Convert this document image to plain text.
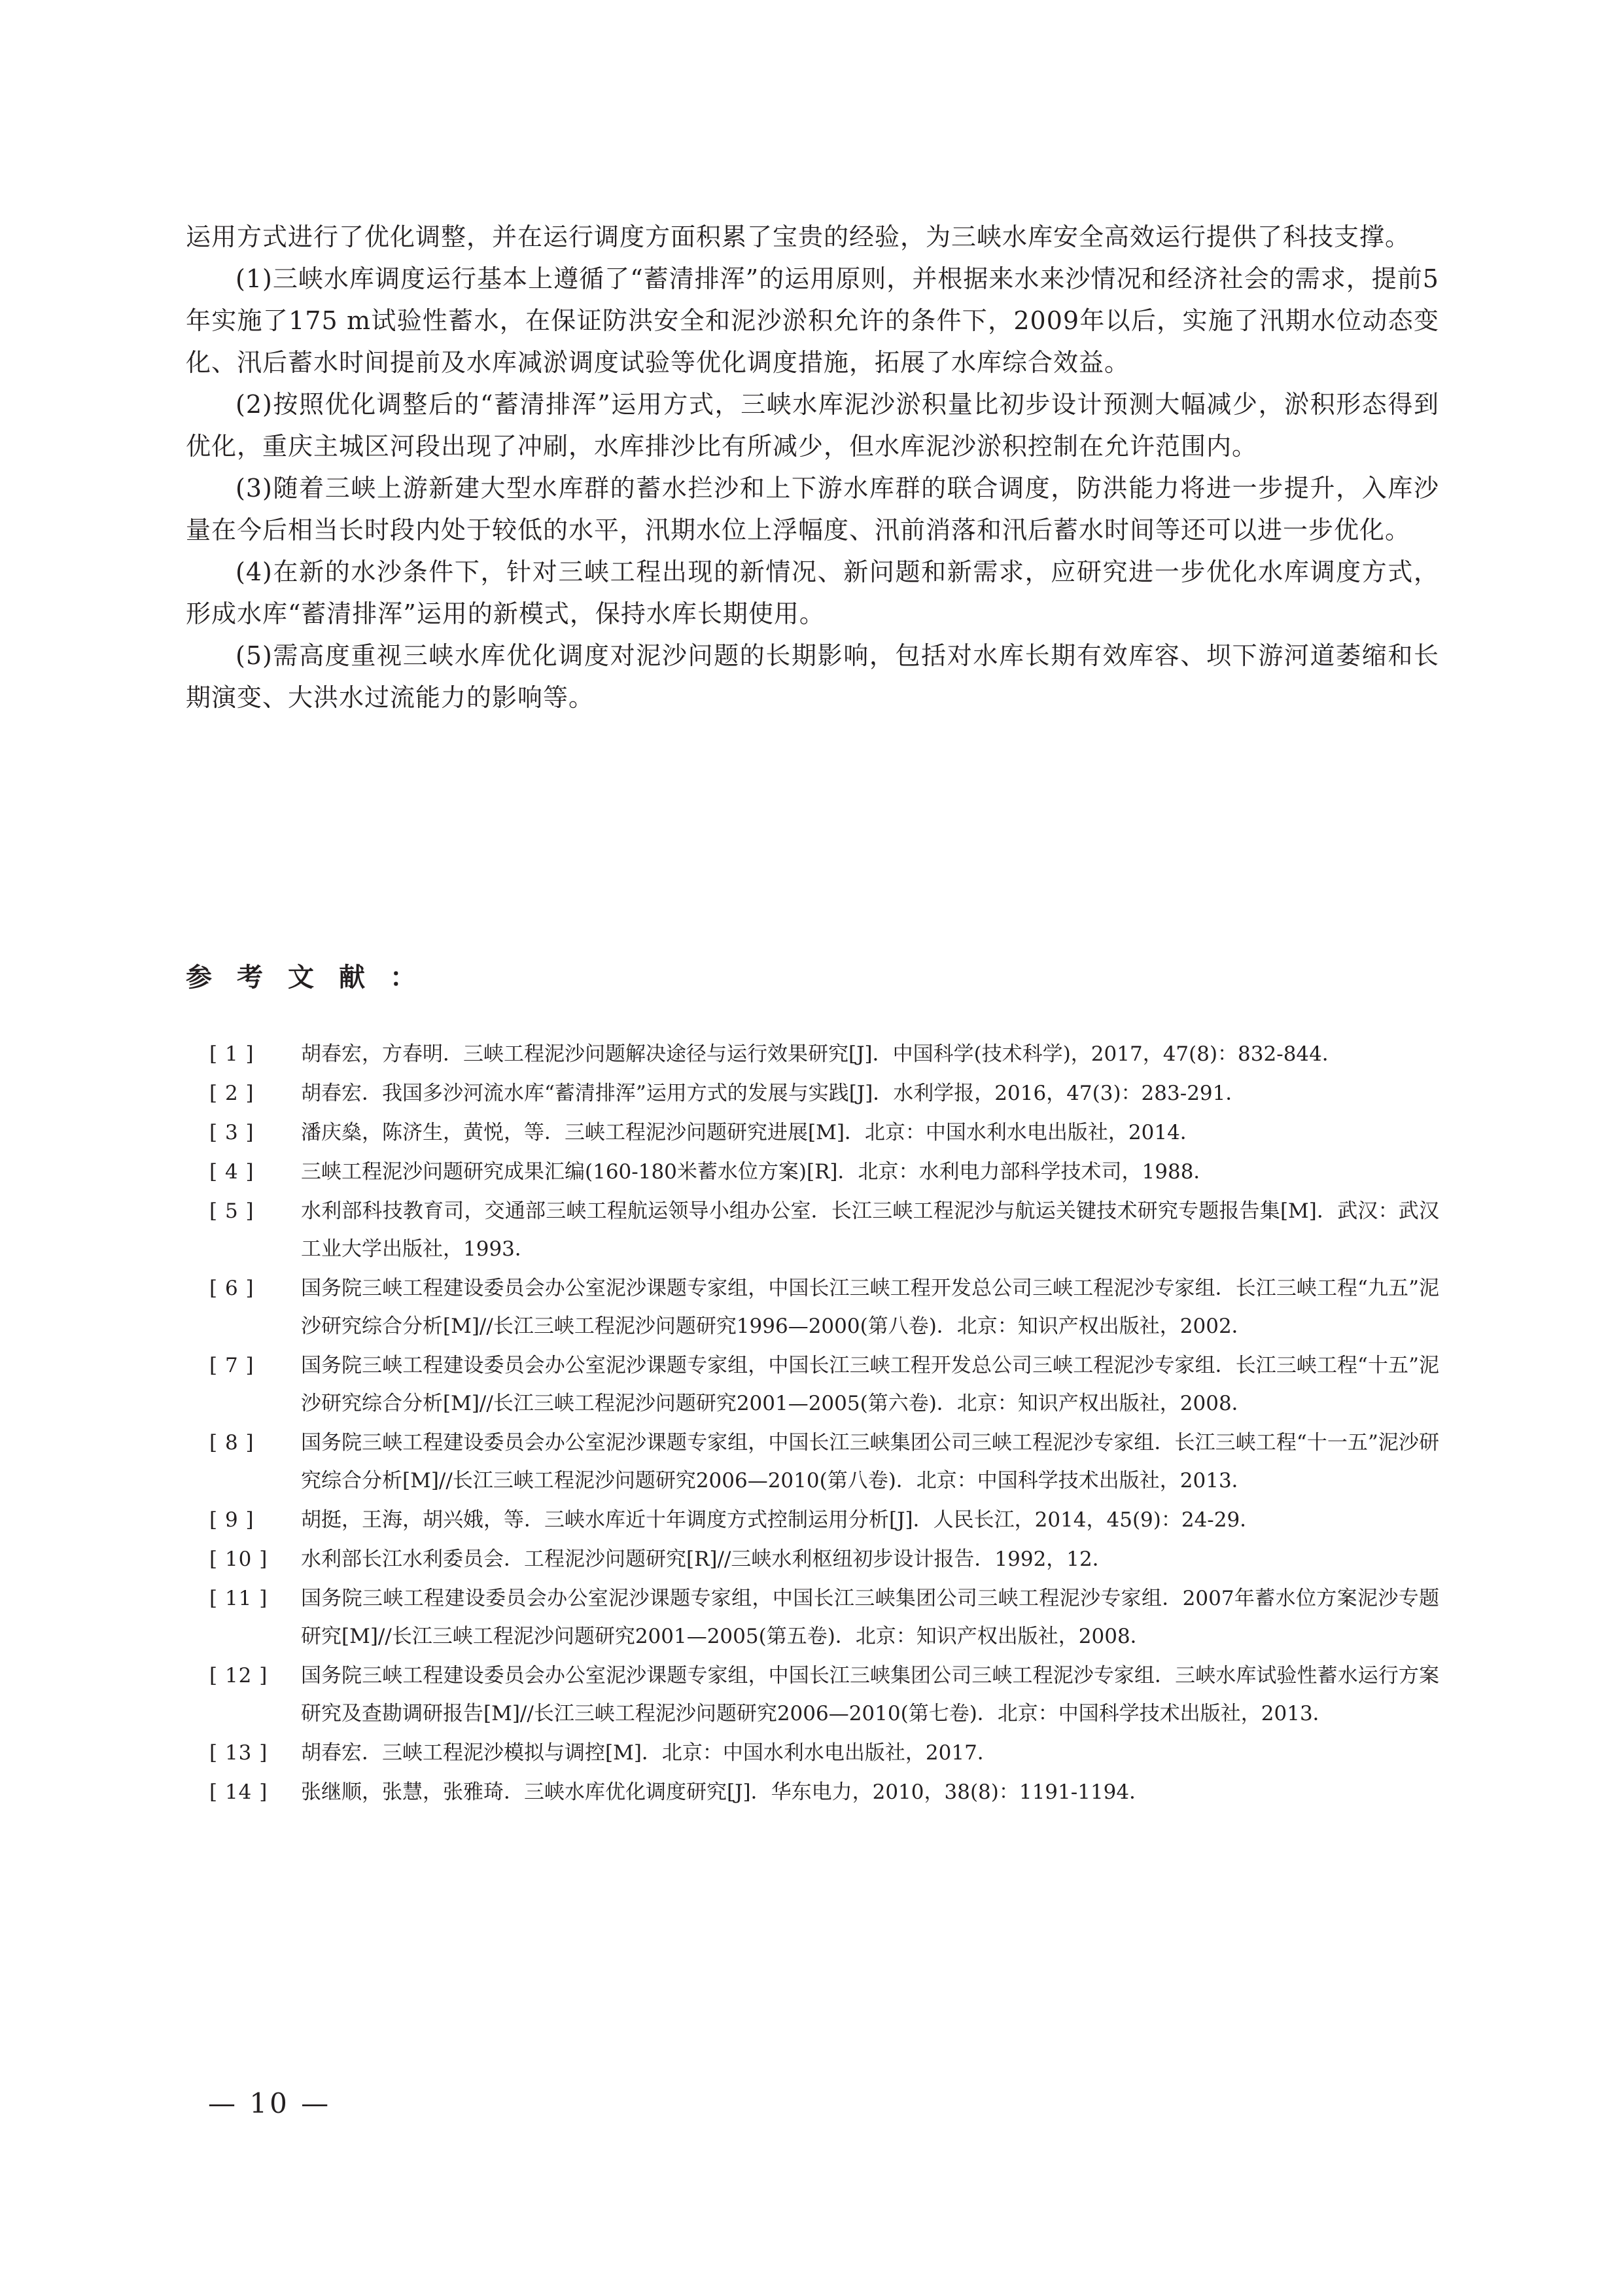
运用方式进行了优化调整，并在运行调度方面积累了宝贵的经验，为三峡水库安全高效运行提供了科技支撑。

(1)三峡水库调度运行基本上遵循了“蓄清排浑”的运用原则，并根据来水来沙情况和经济社会的需求，提前5年实施了175 m试验性蓄水，在保证防洪安全和泥沙淤积允许的条件下，2009年以后，实施了汛期水位动态变化、汛后蓄水时间提前及水库减淤调度试验等优化调度措施，拓展了水库综合效益。

(2)按照优化调整后的“蓄清排浑”运用方式，三峡水库泥沙淤积量比初步设计预测大幅减少，淤积形态得到优化，重庆主城区河段出现了冲刷，水库排沙比有所减少，但水库泥沙淤积控制在允许范围内。

(3)随着三峡上游新建大型水库群的蓄水拦沙和上下游水库群的联合调度，防洪能力将进一步提升，入库沙量在今后相当长时段内处于较低的水平，汛期水位上浮幅度、汛前消落和汛后蓄水时间等还可以进一步优化。

(4)在新的水沙条件下，针对三峡工程出现的新情况、新问题和新需求，应研究进一步优化水库调度方式，形成水库“蓄清排浑”运用的新模式，保持水库长期使用。

(5)需高度重视三峡水库优化调度对泥沙问题的长期影响，包括对水库长期有效库容、坝下游河道萎缩和长期演变、大洪水过流能力的影响等。

参考文献：
[ 1 ]	胡春宏，方春明．三峡工程泥沙问题解决途径与运行效果研究[J]．中国科学(技术科学)，2017，47(8)：832-844．
[ 2 ]	胡春宏．我国多沙河流水库“蓄清排浑”运用方式的发展与实践[J]．水利学报，2016，47(3)：283-291．
[ 3 ]	潘庆燊，陈济生，黄悦，等．三峡工程泥沙问题研究进展[M]．北京：中国水利水电出版社，2014．
[ 4 ]	三峡工程泥沙问题研究成果汇编(160-180米蓄水位方案)[R]．北京：水利电力部科学技术司，1988．
[ 5 ]	水利部科技教育司，交通部三峡工程航运领导小组办公室．长江三峡工程泥沙与航运关键技术研究专题报告集[M]．武汉：武汉工业大学出版社，1993．
[ 6 ]	国务院三峡工程建设委员会办公室泥沙课题专家组，中国长江三峡工程开发总公司三峡工程泥沙专家组．长江三峡工程“九五”泥沙研究综合分析[M]//长江三峡工程泥沙问题研究1996—2000(第八卷)．北京：知识产权出版社，2002．
[ 7 ]	国务院三峡工程建设委员会办公室泥沙课题专家组，中国长江三峡工程开发总公司三峡工程泥沙专家组．长江三峡工程“十五”泥沙研究综合分析[M]//长江三峡工程泥沙问题研究2001—2005(第六卷)．北京：知识产权出版社，2008．
[ 8 ]	国务院三峡工程建设委员会办公室泥沙课题专家组，中国长江三峡集团公司三峡工程泥沙专家组．长江三峡工程“十一五”泥沙研究综合分析[M]//长江三峡工程泥沙问题研究2006—2010(第八卷)．北京：中国科学技术出版社，2013．
[ 9 ]	胡挺，王海，胡兴娥，等．三峡水库近十年调度方式控制运用分析[J]．人民长江，2014，45(9)：24-29．
[ 10 ]	水利部长江水利委员会．工程泥沙问题研究[R]//三峡水利枢纽初步设计报告．1992，12．
[ 11 ]	国务院三峡工程建设委员会办公室泥沙课题专家组，中国长江三峡集团公司三峡工程泥沙专家组．2007年蓄水位方案泥沙专题研究[M]//长江三峡工程泥沙问题研究2001—2005(第五卷)．北京：知识产权出版社，2008．
[ 12 ]	国务院三峡工程建设委员会办公室泥沙课题专家组，中国长江三峡集团公司三峡工程泥沙专家组．三峡水库试验性蓄水运行方案研究及查勘调研报告[M]//长江三峡工程泥沙问题研究2006—2010(第七卷)．北京：中国科学技术出版社，2013．
[ 13 ]	胡春宏．三峡工程泥沙模拟与调控[M]．北京：中国水利水电出版社，2017．
[ 14 ]	张继顺，张慧，张雅琦．三峡水库优化调度研究[J]．华东电力，2010，38(8)：1191-1194．
— 10 —
